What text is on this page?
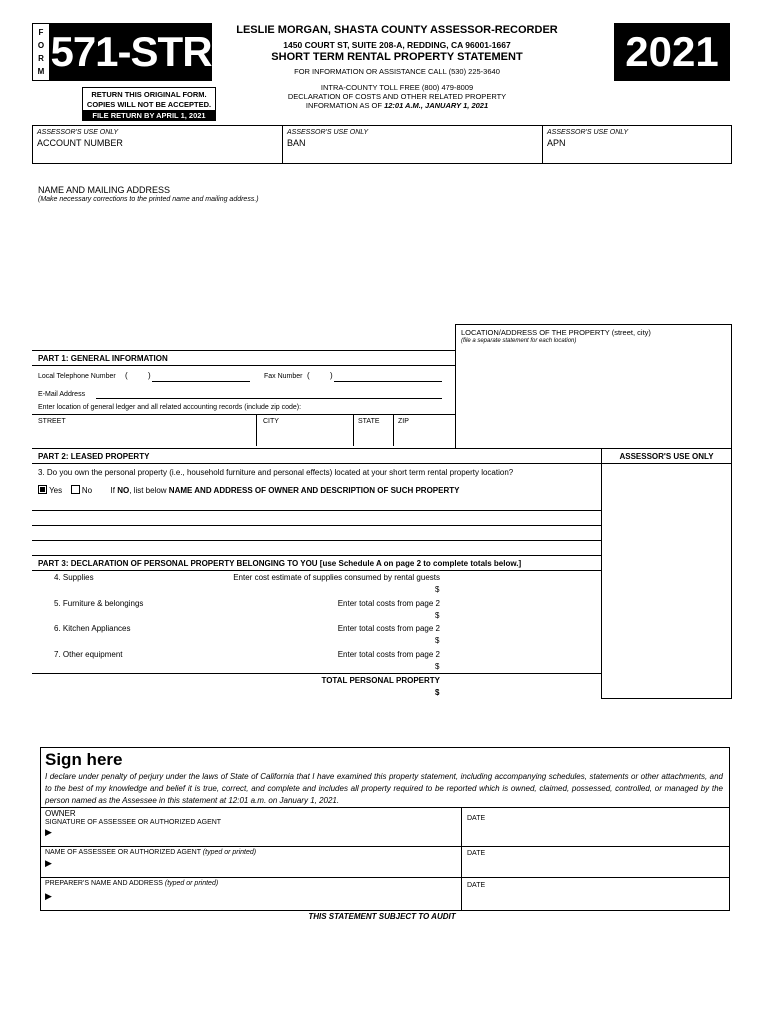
F
O
R
M 571-STR
RETURN THIS ORIGINAL FORM.
COPIES WILL NOT BE ACCEPTED.
FILE RETURN BY APRIL 1, 2021
LESLIE MORGAN, SHASTA COUNTY ASSESSOR-RECORDER
1450 COURT ST, SUITE 208-A, REDDING, CA 96001-1667
SHORT TERM RENTAL PROPERTY STATEMENT
FOR INFORMATION OR ASSISTANCE CALL (530) 225-3640
INTRA-COUNTY TOLL FREE (800) 479-8009
DECLARATION OF COSTS AND OTHER RELATED PROPERTY
INFORMATION AS OF 12:01 A.M., JANUARY 1, 2021
2021
ASSESSOR'S USE ONLY
ACCOUNT NUMBER
ASSESSOR'S USE ONLY
BAN
ASSESSOR'S USE ONLY
APN
NAME AND MAILING ADDRESS
(Make necessary corrections to the printed name and mailing address.)
LOCATION/ADDRESS OF THE PROPERTY (street, city)
(file a separate statement for each location)
PART 1: GENERAL INFORMATION
Local Telephone Number (	)	Fax Number (	)
E-Mail Address
Enter location of general ledger and all related accounting records (include zip code):
STREET	CITY	STATE	ZIP
PART 2: LEASED PROPERTY	ASSESSOR'S USE ONLY
3. Do you own the personal property (i.e., household furniture and personal effects) located at your short term rental property location?
Yes No If NO, list below NAME AND ADDRESS OF OWNER AND DESCRIPTION OF SUCH PROPERTY
PART 3: DECLARATION OF PERSONAL PROPERTY BELONGING TO YOU [use Schedule A on page 2 to complete totals below.]
4. Supplies	Enter cost estimate of supplies consumed by rental guests
$
5. Furniture & belongings	Enter total costs from page 2
$
6. Kitchen Appliances	Enter total costs from page 2
$
7. Other equipment	Enter total costs from page 2
$
TOTAL PERSONAL PROPERTY
$
Sign here
I declare under penalty of perjury under the laws of State of California that I have examined this property statement, including accompanying schedules, statements or other attachments, and to the best of my knowledge and belief it is true, correct, and complete and includes all property required to be reported which is owned, claimed, possessed, controlled, or managed by the person named as the Assessee in this statement at 12:01 a.m. on January 1, 2021.
OWNER
SIGNATURE OF ASSESSEE OR AUTHORIZED AGENT
▶
DATE
NAME OF ASSESSEE OR AUTHORIZED AGENT (typed or printed)
▶
DATE
PREPARER'S NAME AND ADDRESS (typed or printed)
▶
DATE
THIS STATEMENT SUBJECT TO AUDIT
